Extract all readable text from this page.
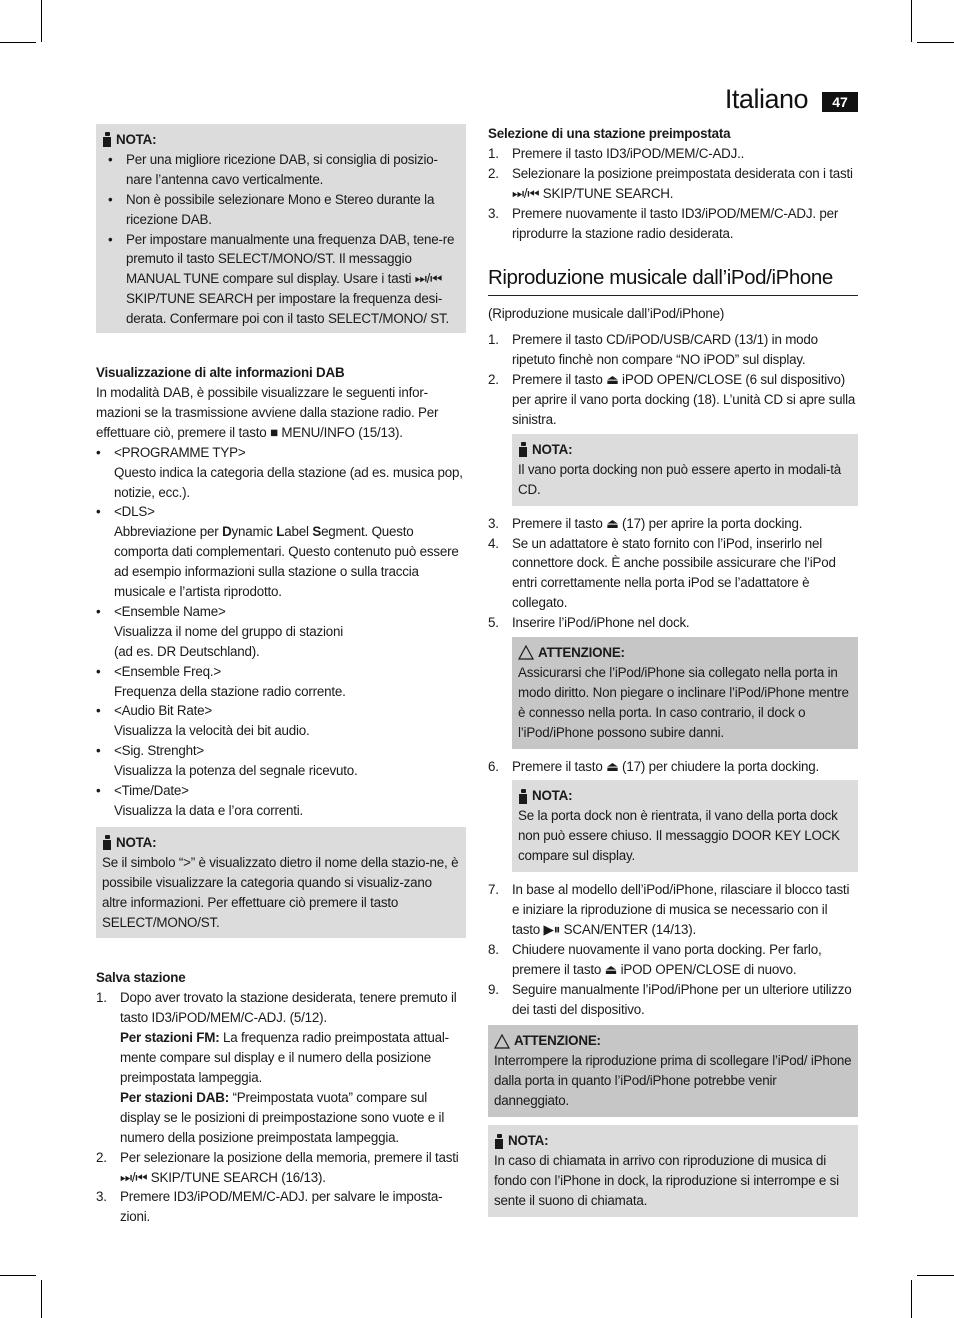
Italiano	47
NOTA:
•	Per una migliore ricezione DAB, si consiglia di posizio-nare l’antenna cavo verticalmente.
•	Non è possibile selezionare Mono e Stereo durante la ricezione DAB.
•	Per impostare manualmente una frequenza DAB, tene-re premuto il tasto SELECT/MONO/ST. Il messaggio MANUAL TUNE compare sul display. Usare i tasti ⏭/⏮ SKIP/TUNE SEARCH per impostare la frequenza desi-derata. Confermare poi con il tasto SELECT/MONO/ ST.
Visualizzazione di alte informazioni DAB
In modalità DAB, è possibile visualizzare le seguenti infor-mazioni se la trasmissione avviene dalla stazione radio. Per effettuare ciò, premere il tasto ■ MENU/INFO (15/13).
•	<PROGRAMME TYP>
Questo indica la categoria della stazione (ad es. musica pop, notizie, ecc.).
•	<DLS>
Abbreviazione per Dynamic Label Segment. Questo comporta dati complementari. Questo contenuto può essere ad esempio informazioni sulla stazione o sulla traccia musicale e l’artista riprodotto.
•	<Ensemble Name>
Visualizza il nome del gruppo di stazioni
(ad es. DR Deutschland).
•	<Ensemble Freq.>
Frequenza della stazione radio corrente.
•	<Audio Bit Rate>
Visualizza la velocità dei bit audio.
•	<Sig. Strenght>
Visualizza la potenza del segnale ricevuto.
•	<Time/Date>
Visualizza la data e l’ora correnti.
NOTA:
Se il simbolo “>” è visualizzato dietro il nome della stazio-ne, è possibile visualizzare la categoria quando si visualiz-zano altre informazioni. Per effettuare ciò premere il tasto SELECT/MONO/ST.
Salva stazione
1. Dopo aver trovato la stazione desiderata, tenere premuto il tasto ID3/iPOD/MEM/C-ADJ. (5/12).
Per stazioni FM: La frequenza radio preimpostata attual-mente compare sul display e il numero della posizione preimpostata lampeggia.
Per stazioni DAB: “Preimpostata vuota” compare sul display se le posizioni di preimpostazione sono vuote e il numero della posizione preimpostata lampeggia.
2. Per selezionare la posizione della memoria, premere il tasti ⏭/⏮ SKIP/TUNE SEARCH (16/13).
3. Premere ID3/iPOD/MEM/C-ADJ. per salvare le imposta-zioni.
Selezione di una stazione preimpostata
1. Premere il tasto ID3/iPOD/MEM/C-ADJ..
2. Selezionare la posizione preimpostata desiderata con i tasti ⏭/⏮ SKIP/TUNE SEARCH.
3. Premere nuovamente il tasto ID3/iPOD/MEM/C-ADJ. per riprodurre la stazione radio desiderata.
Riproduzione musicale dall’iPod/iPhone
(Riproduzione musicale dall’iPod/iPhone)
1. Premere il tasto CD/iPOD/USB/CARD (13/1) in modo ripetuto finchè non compare “NO iPOD” sul display.
2. Premere il tasto ⏏ iPOD OPEN/CLOSE (6 sul dispositivo) per aprire il vano porta docking (18). L’unità CD si apre sulla sinistra.
NOTA:
Il vano porta docking non può essere aperto in modali-tà CD.
3. Premere il tasto ⏏ (17) per aprire la porta docking.
4. Se un adattatore è stato fornito con l’iPod, inserirlo nel connettore dock. È anche possibile assicurare che l’iPod entri correttamente nella porta iPod se l’adattatore è collegato.
5. Inserire l’iPod/iPhone nel dock.
ATTENZIONE:
Assicurarsi che l’iPod/iPhone sia collegato nella porta in modo diritto. Non piegare o inclinare l’iPod/iPhone mentre è connesso nella porta. In caso contrario, il dock o l’iPod/iPhone possono subire danni.
6. Premere il tasto ⏏ (17) per chiudere la porta docking.
NOTA:
Se la porta dock non è rientrata, il vano della porta dock non può essere chiuso. Il messaggio DOOR KEY LOCK compare sul display.
7. In base al modello dell’iPod/iPhone, rilasciare il blocco tasti e iniziare la riproduzione di musica se necessario con il tasto ▶⏸ SCAN/ENTER (14/13).
8. Chiudere nuovamente il vano porta docking. Per farlo, premere il tasto ⏏ iPOD OPEN/CLOSE di nuovo.
9. Seguire manualmente l’iPod/iPhone per un ulteriore utilizzo dei tasti del dispositivo.
ATTENZIONE:
Interrompere la riproduzione prima di scollegare l’iPod/ iPhone dalla porta in quanto l’iPod/iPhone potrebbe venir danneggiato.
NOTA:
In caso di chiamata in arrivo con riproduzione di musica di fondo con l’iPhone in dock, la riproduzione si interrompe e si sente il suono di chiamata.
